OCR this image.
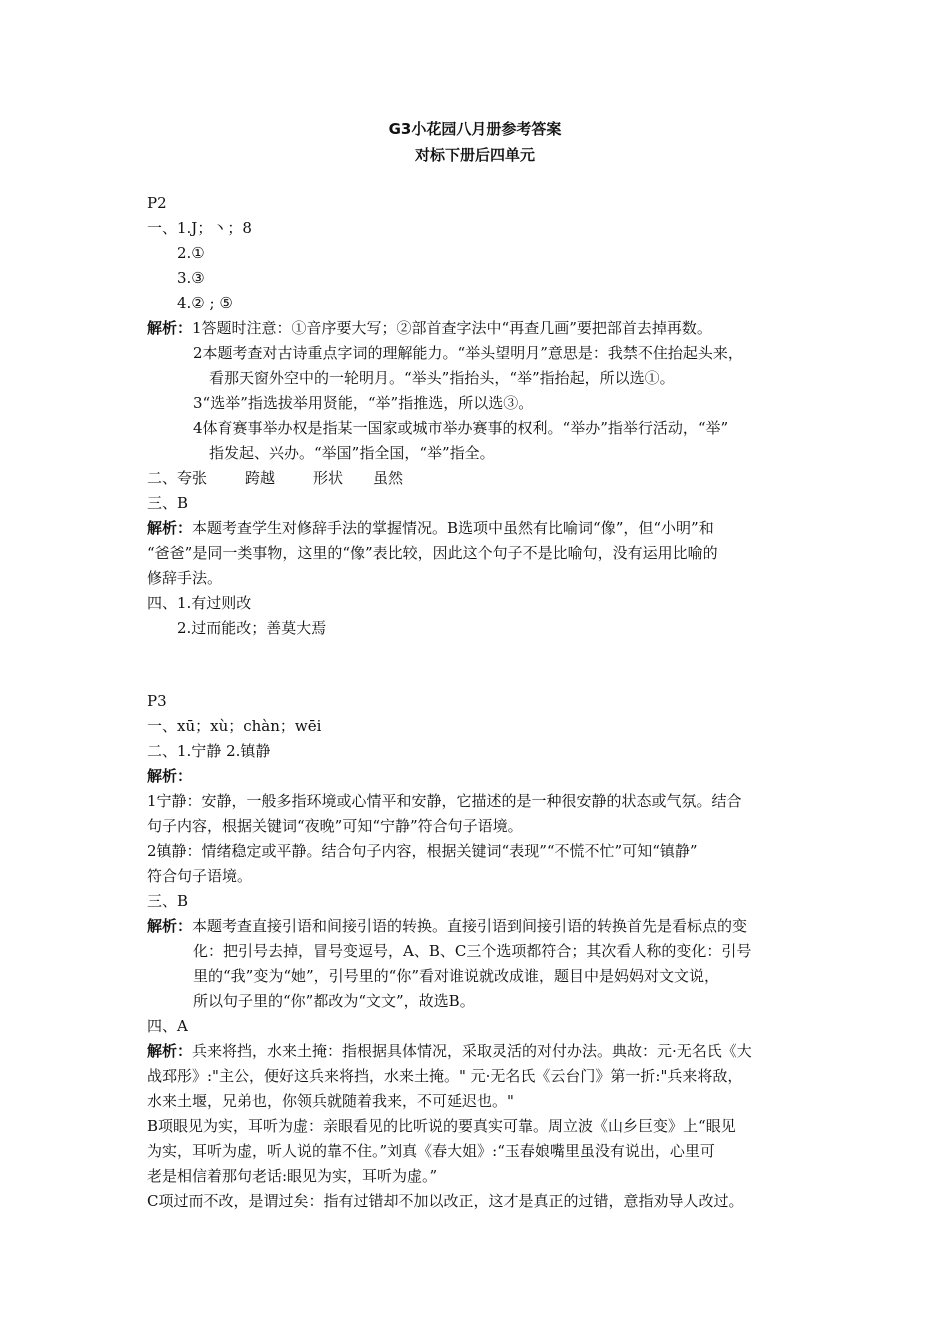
G3小花园八月册参考答案
对标下册后四单元
P2
一、1.J；丶；8
2.①
3.③
4.② ; ⑤
解析：1答题时注意：①音序要大写；②部首查字法中“再查几画”要把部首去掉再数。
2本题考查对古诗重点字词的理解能力。“举头望明月”意思是：我禁不住抬起头来，
看那天窗外空中的一轮明月。“举头”指抬头，“举”指抬起，所以选①。
3“选举”指选拔举用贤能，“举”指推选，所以选③。
4体育赛事举办权是指某一国家或城市举办赛事的权利。“举办”指举行活动，“举”
指发起、兴办。“举国”指全国，“举”指全。
二、夸张	跨越	形状 虽然
三、B
解析：本题考查学生对修辞手法的掌握情况。B选项中虽然有比喻词“像”，但“小明”和
“爸爸”是同一类事物，这里的“像”表比较，因此这个句子不是比喻句，没有运用比喻的
修辞手法。
四、1.有过则改
2.过而能改；善莫大焉
P3
一、xū；xù；chàn；wēi
二、1.宁静 2.镇静
解析：
1宁静：安静，一般多指环境或心情平和安静，它描述的是一种很安静的状态或气氛。结合
句子内容，根据关键词“夜晚”可知“宁静”符合句子语境。
2镇静：情绪稳定或平静。结合句子内容，根据关键词“表现”“不慌不忙”可知“镇静”
符合句子语境。
三、B
解析：本题考查直接引语和间接引语的转换。直接引语到间接引语的转换首先是看标点的变
化：把引号去掉，冒号变逗号，A、B、C三个选项都符合；其次看人称的变化：引号
里的“我”变为“她”，引号里的“你”看对谁说就改成谁，题目中是妈妈对文文说，
所以句子里的“你”都改为“文文”，故选B。
四、A
解析：兵来将挡，水来土掩：指根据具体情况，采取灵活的对付办法。典故：元·无名氏《大
战邳彤》:"主公，便好这兵来将挡，水来土掩。" 元·无名氏《云台门》第一折:"兵来将敌，
水来土堰，兄弟也，你领兵就随着我来，不可延迟也。"
B项眼见为实，耳听为虚：亲眼看见的比听说的要真实可靠。周立波《山乡巨变》上“眼见
为实，耳听为虚，听人说的靠不住。”刘真《春大姐》:“玉春娘嘴里虽没有说出，心里可
老是相信着那句老话:眼见为实，耳听为虚。”
C项过而不改，是谓过矣：指有过错却不加以改正，这才是真正的过错，意指劝导人改过。
